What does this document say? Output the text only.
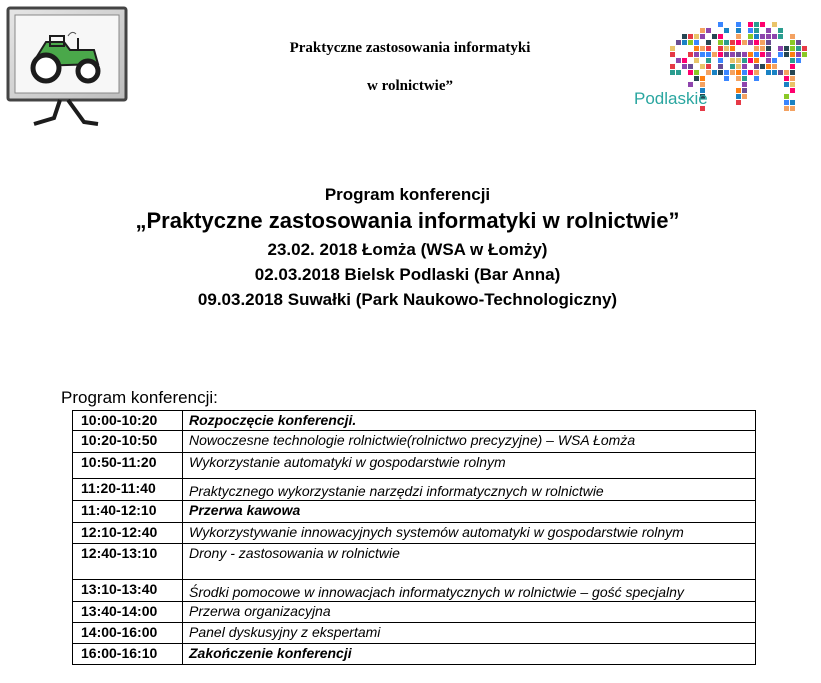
Praktyczne zastosowania informatyki
w rolnictwie”
Podlaskie
Program konferencji
„Praktyczne zastosowania informatyki w rolnictwie”
23.02. 2018 Łomża (WSA w Łomży)
02.03.2018 Bielsk Podlaski (Bar Anna)
09.03.2018 Suwałki (Park Naukowo-Technologiczny)
Program konferencji:
10:00-10:20	Rozpoczęcie konferencji.
10:20-10:50	Nowoczesne technologie rolnictwie(rolnictwo precyzyjne) – WSA Łomża
10:50-11:20	Wykorzystanie automatyki w gospodarstwie rolnym
11:20-11:40	Praktycznego wykorzystanie narzędzi informatycznych w rolnictwie
11:40-12:10	Przerwa kawowa
12:10-12:40	Wykorzystywanie innowacyjnych systemów automatyki w gospodarstwie rolnym
12:40-13:10	Drony - zastosowania w rolnictwie
13:10-13:40	Środki pomocowe w innowacjach informatycznych w rolnictwie – gość specjalny
13:40-14:00	Przerwa organizacyjna
14:00-16:00	Panel dyskusyjny z ekspertami
16:00-16:10	Zakończenie konferencji
